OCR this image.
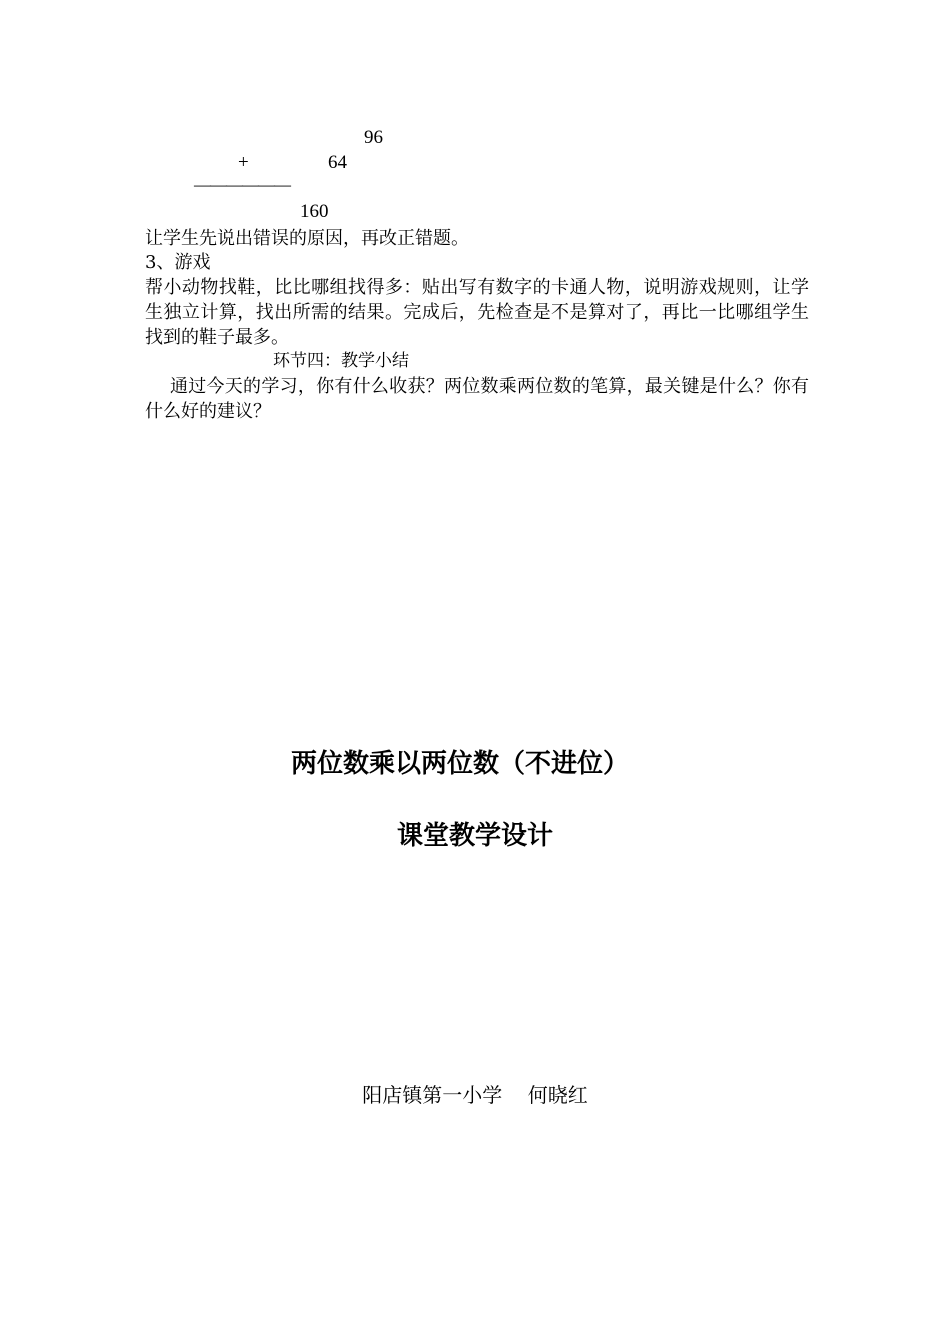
96
+	64
——————
160
让学生先说出错误的原因，再改正错题。
3、游戏
帮小动物找鞋，比比哪组找得多：贴出写有数字的卡通人物，说明游戏规则，让学生独立计算，找出所需的结果。完成后，先检查是不是算对了，再比一比哪组学生找到的鞋子最多。
环节四：教学小结
通过今天的学习，你有什么收获？两位数乘两位数的笔算，最关键是什么？你有什么好的建议？
两位数乘以两位数（不进位）
课堂教学设计
阳店镇第一小学    何晓红
